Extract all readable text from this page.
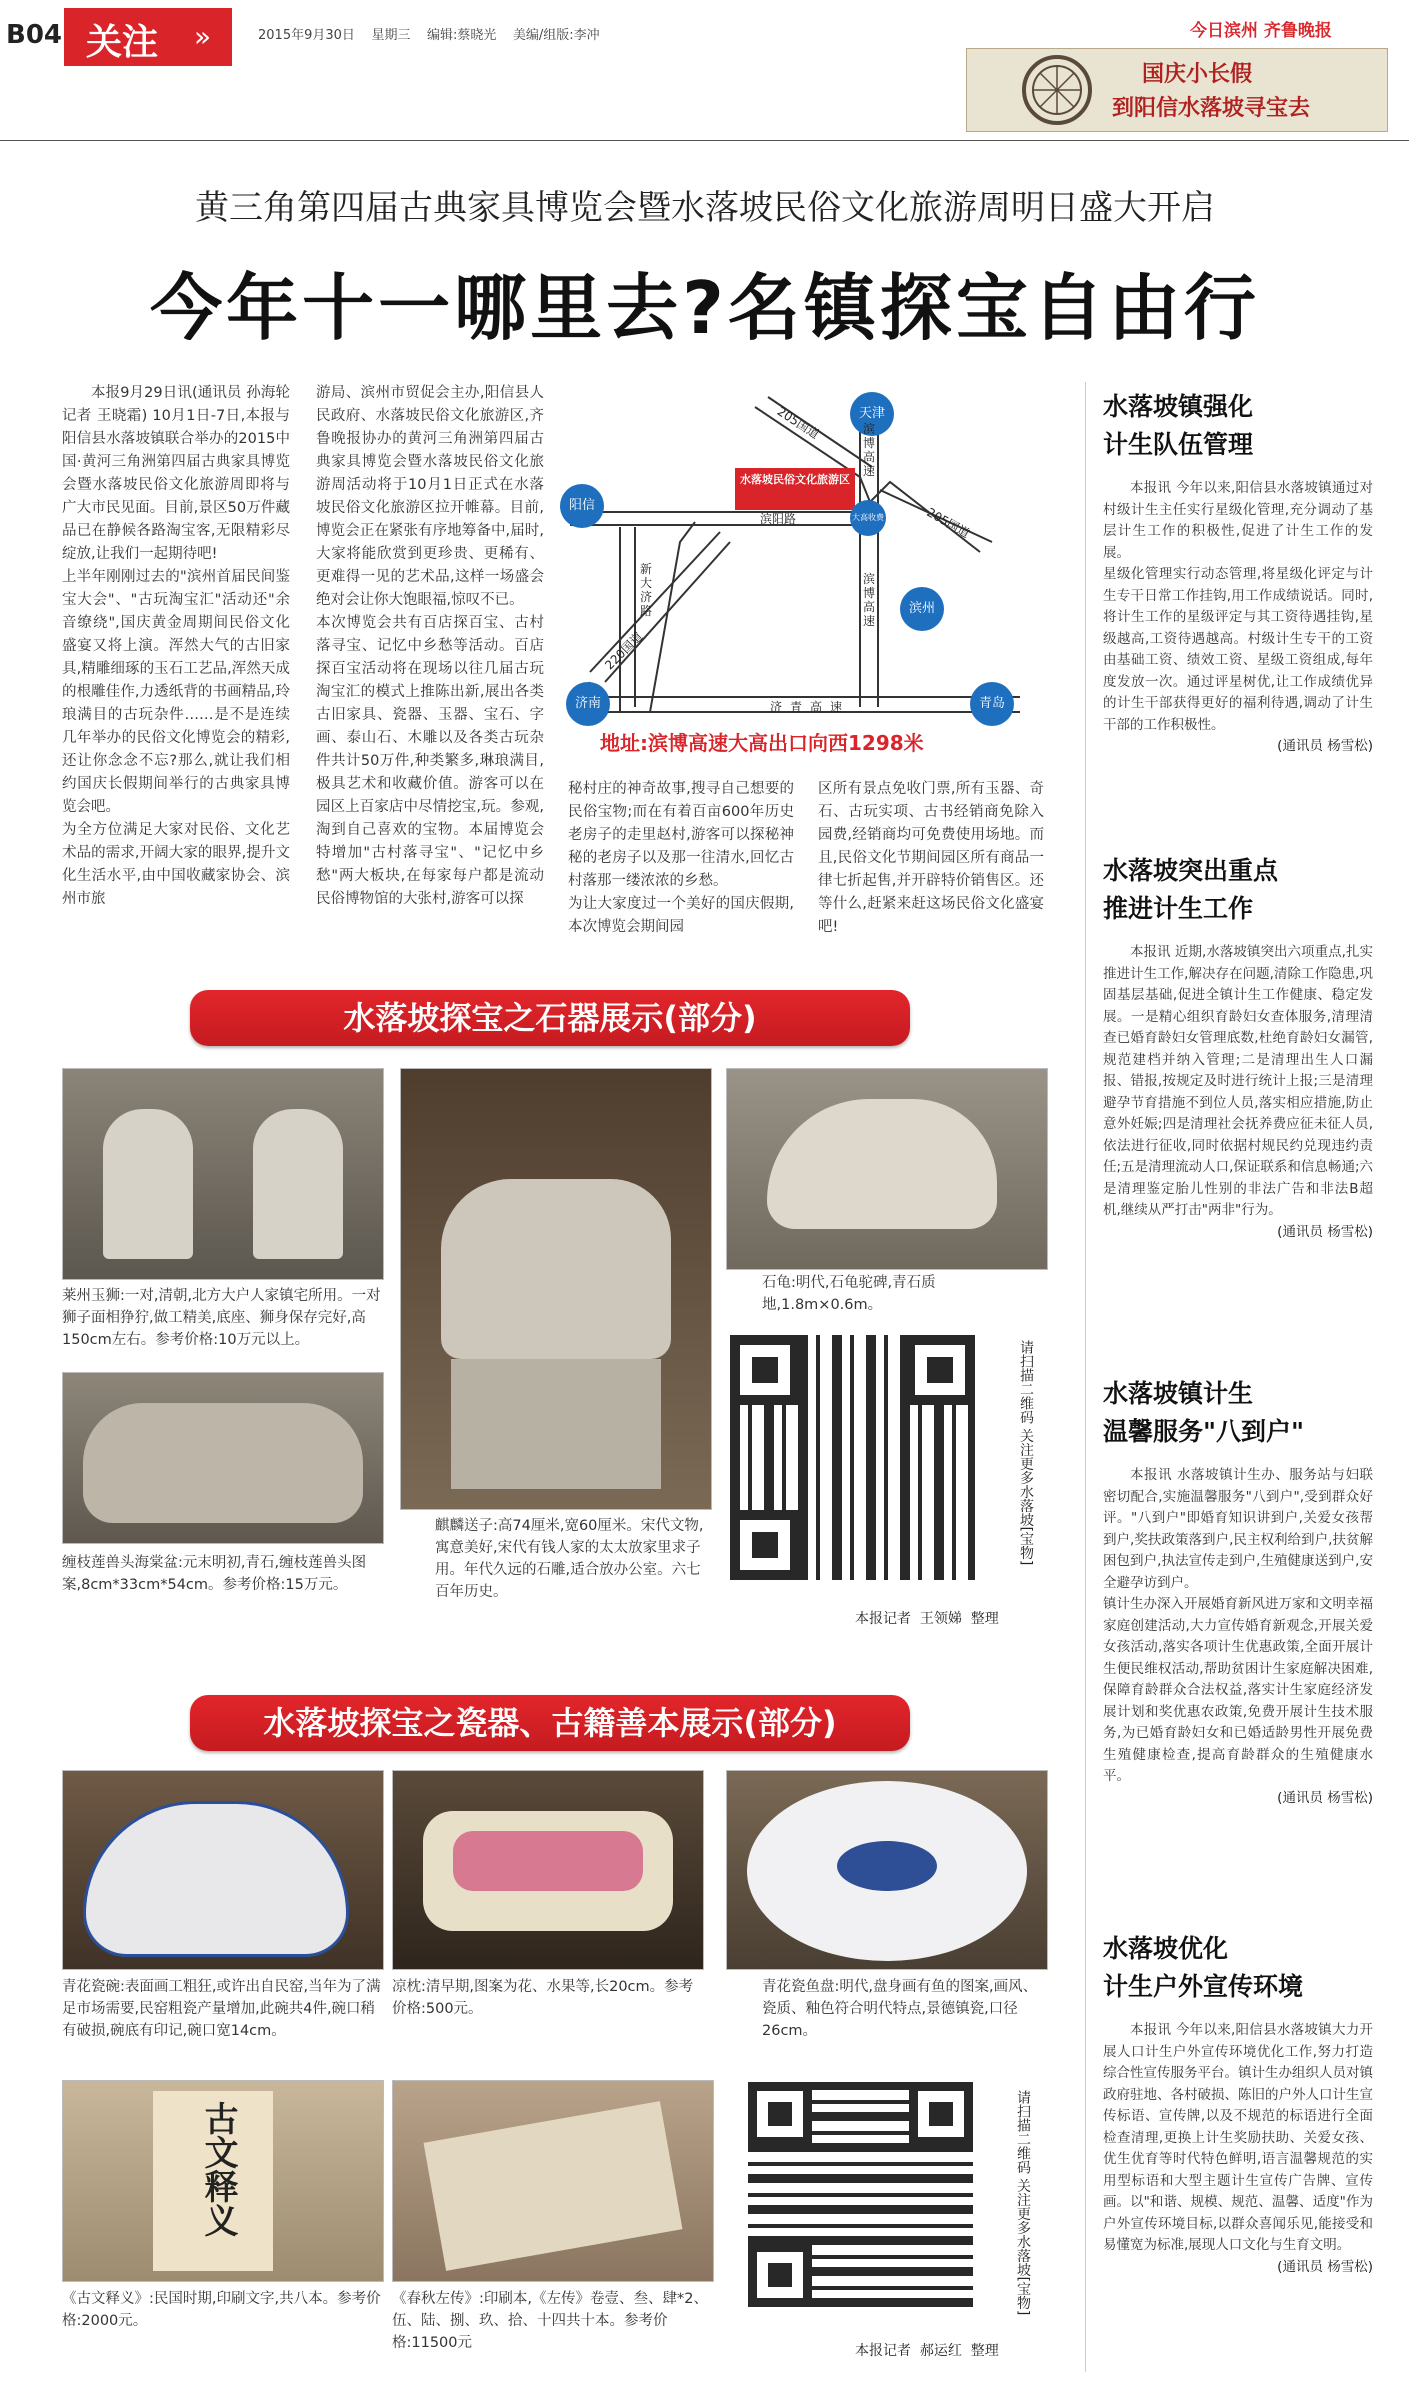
B04 关注 »	2015年9月30日 星期三 编辑:蔡晓光 美编/组版:李冲	今日滨州 齐鲁晚报
国庆小长假
到阳信水落坡寻宝去
黄三角第四届古典家具博览会暨水落坡民俗文化旅游周明日盛大开启
今年十一哪里去?名镇探宝自由行
本报9月29日讯(通讯员 孙海轮 记者 王晓霜) 10月1日-7日,本报与阳信县水落坡镇联合举办的2015中国·黄河三角洲第四届古典家具博览会暨水落坡民俗文化旅游周即将与广大市民见面。目前,景区50万件藏品已在静候各路淘宝客,无限精彩尽绽放,让我们一起期待吧!
上半年刚刚过去的"滨州首届民间鉴宝大会"、"古玩淘宝汇"活动还"余音缭绕",国庆黄金周期间民俗文化盛宴又将上演。浑然大气的古旧家具,精雕细琢的玉石工艺品,浑然天成的根雕佳作,力透纸背的书画精品,玲琅满目的古玩杂件……是不是连续几年举办的民俗文化博览会的精彩,还让你念念不忘?那么,就让我们相约国庆长假期间举行的古典家具博览会吧。
为全方位满足大家对民俗、文化艺术品的需求,开阔大家的眼界,提升文化生活水平,由中国收藏家协会、滨州市旅
游局、滨州市贸促会主办,阳信县人民政府、水落坡民俗文化旅游区,齐鲁晚报协办的黄河三角洲第四届古典家具博览会暨水落坡民俗文化旅游周活动将于10月1日正式在水落坡民俗文化旅游区拉开帷幕。目前,博览会正在紧张有序地筹备中,届时,大家将能欣赏到更珍贵、更稀有、更难得一见的艺术品,这样一场盛会绝对会让你大饱眼福,惊叹不已。
本次博览会共有百店探百宝、古村落寻宝、记忆中乡愁等活动。百店探百宝活动将在现场以往几届古玩淘宝汇的模式上推陈出新,展出各类古旧家具、瓷器、玉器、宝石、字画、泰山石、木雕以及各类古玩杂件共计50万件,种类繁多,琳琅满目,极具艺术和收藏价值。游客可以在园区上百家店中尽情挖宝,玩。参观,淘到自己喜欢的宝物。本届博览会特增加"古村落寻宝"、"记忆中乡愁"两大板块,在每家每户都是流动民俗博物馆的大张村,游客可以探
秘村庄的神奇故事,搜寻自己想要的民俗宝物;而在有着百亩600年历史老房子的走里赵村,游客可以探秘神秘的老房子以及那一往清水,回忆古村落那一缕浓浓的乡愁。
为让大家度过一个美好的国庆假期,本次博览会期间园
区所有景点免收门票,所有玉器、奇石、古玩实项、古书经销商免除入园费,经销商均可免费使用场地。而且,民俗文化节期间园区所有商品一律七折起售,并开辟特价销售区。还等什么,赶紧来赶这场民俗文化盛宴吧!
水落坡民俗文化旅游区
天津
阳信
滨州
济南	青岛
大高收费站
205国道
205国道
滨阳路
新大济路
220国道
济青高速
滨博高速
滨博高速
地址:滨博高速大高出口向西1298米
水落坡探宝之石器展示(部分)
莱州玉狮:一对,清朝,北方大户人家镇宅所用。一对狮子面相狰狞,做工精美,底座、狮身保存完好,高150cm左右。参考价格:10万元以上。
麒麟送子:高74厘米,宽60厘米。宋代文物,寓意美好,宋代有钱人家的太太放家里求子用。年代久远的石雕,适合放办公室。六七百年历史。
石龟:明代,石龟驼碑,青石质地,1.8m×0.6m。
缠枝莲兽头海棠盆:元末明初,青石,缠枝莲兽头图案,8cm*33cm*54cm。参考价格:15万元。
请扫描二维码 关注更多水落坡[宝物]
本报记者  王领娣  整理
水落坡探宝之瓷器、古籍善本展示(部分)
青花瓷碗:表面画工粗狂,或许出自民窑,当年为了满足市场需要,民窑粗瓷产量增加,此碗共4件,碗口稍有破损,碗底有印记,碗口宽14cm。
凉枕:清早期,图案为花、水果等,长20cm。参考价格:500元。
青花瓷鱼盘:明代,盘身画有鱼的图案,画风、瓷质、釉色符合明代特点,景德镇瓷,口径26cm。
古文释义
《古文释义》:民国时期,印刷文字,共八本。参考价格:2000元。
《春秋左传》:印刷本,《左传》卷壹、叁、肆*2、伍、陆、捌、玖、拾、十四共十本。参考价格:11500元
请扫描二维码 关注更多水落坡[宝物]
本报记者  郝运红  整理
水落坡镇强化
计生队伍管理
本报讯 今年以来,阳信县水落坡镇通过对村级计生主任实行星级化管理,充分调动了基层计生工作的积极性,促进了计生工作的发展。
星级化管理实行动态管理,将星级化评定与计生专干日常工作挂钩,用工作成绩说话。同时,将计生工作的星级评定与其工资待遇挂钩,星级越高,工资待遇越高。村级计生专干的工资由基础工资、绩效工资、星级工资组成,每年度发放一次。通过评星树优,让工作成绩优异的计生干部获得更好的福利待遇,调动了计生干部的工作积极性。
(通讯员 杨雪松)
水落坡突出重点
推进计生工作
本报讯 近期,水落坡镇突出六项重点,扎实推进计生工作,解决存在问题,清除工作隐患,巩固基层基础,促进全镇计生工作健康、稳定发展。一是精心组织育龄妇女查体服务,清理清查已婚育龄妇女管理底数,杜绝育龄妇女漏管,规范建档并纳入管理;二是清理出生人口漏报、错报,按规定及时进行统计上报;三是清理避孕节育措施不到位人员,落实相应措施,防止意外妊娠;四是清理社会抚养费应征未征人员,依法进行征收,同时依据村规民约兑现违约责任;五是清理流动人口,保证联系和信息畅通;六是清理鉴定胎儿性别的非法广告和非法B超机,继续从严打击"两非"行为。
(通讯员 杨雪松)
水落坡镇计生
温馨服务"八到户"
本报讯 水落坡镇计生办、服务站与妇联密切配合,实施温馨服务"八到户",受到群众好评。"八到户"即婚育知识讲到户,关爱女孩帮到户,奖扶政策落到户,民主权利给到户,扶贫解困包到户,执法宣传走到户,生殖健康送到户,安全避孕访到户。
镇计生办深入开展婚育新风进万家和文明幸福家庭创建活动,大力宣传婚育新观念,开展关爱女孩活动,落实各项计生优惠政策,全面开展计生便民维权活动,帮助贫困计生家庭解决困难,保障育龄群众合法权益,落实计生家庭经济发展计划和奖优惠农政策,免费开展计生技术服务,为已婚育龄妇女和已婚适龄男性开展免费生殖健康检查,提高育龄群众的生殖健康水平。
(通讯员 杨雪松)
水落坡优化
计生户外宣传环境
本报讯 今年以来,阳信县水落坡镇大力开展人口计生户外宣传环境优化工作,努力打造综合性宣传服务平台。镇计生办组织人员对镇政府驻地、各村破损、陈旧的户外人口计生宣传标语、宣传牌,以及不规范的标语进行全面检查清理,更换上计生奖励扶助、关爱女孩、优生优育等时代特色鲜明,语言温馨规范的实用型标语和大型主题计生宣传广告牌、宣传画。以"和谐、规模、规范、温馨、适度"作为户外宣传环境目标,以群众喜闻乐见,能接受和易懂宽为标准,展现人口文化与生育文明。
(通讯员 杨雪松)
